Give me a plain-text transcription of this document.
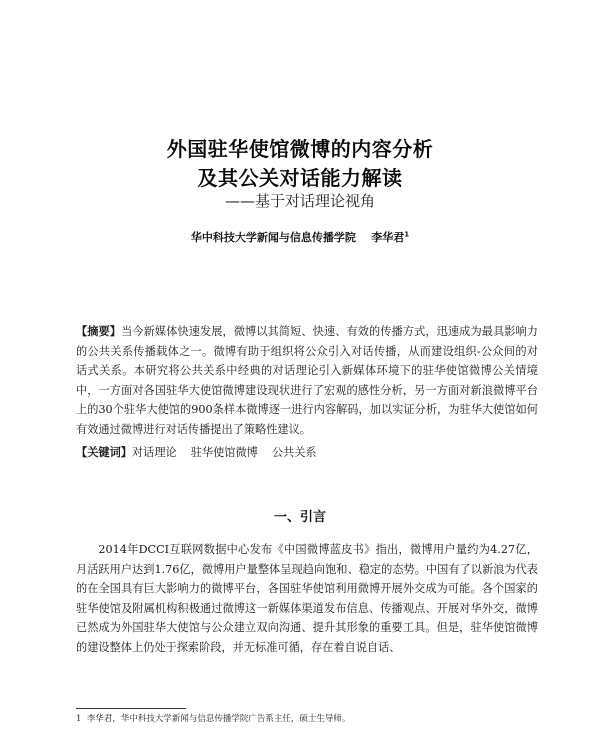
外国驻华使馆微博的内容分析
及其公关对话能力解读
——基于对话理论视角
华中科技大学新闻与信息传播学院 李华君$^1$
【摘要】当今新媒体快速发展，微博以其简短、快速、有效的传播方式，迅速成为最具影响力的公共关系传播载体之一。微博有助于组织将公众引入对话传播，从而建设组织-公众间的对话式关系。本研究将公共关系中经典的对话理论引入新媒体环境下的驻华使馆微博公关情境中，一方面对各国驻华大使馆微博建设现状进行了宏观的感性分析，另一方面对新浪微博平台上的30个驻华大使馆的900条样本微博逐一进行内容解码，加以实证分析，为驻华大使馆如何有效通过微博进行对话传播提出了策略性建议。
【关键词】对话理论 驻华使馆微博 公共关系
一、引言
2014年DCCI互联网数据中心发布《中国微博蓝皮书》指出，微博用户量约为4.27亿，月活跃用户达到1.76亿，微博用户量整体呈现趋向饱和、稳定的态势。中国有了以新浪为代表的在全国具有巨大影响力的微博平台，各国驻华使馆利用微博开展外交成为可能。各个国家的驻华使馆及附属机构积极通过微博这一新媒体渠道发布信息、传播观点、开展对华外交，微博已然成为外国驻华大使馆与公众建立双向沟通、提升其形象的重要工具。但是，驻华使馆微博的建设整体上仍处于探索阶段，并无标准可循，存在着自说自话、
1 李华君，华中科技大学新闻与信息传播学院广告系主任，硕士生导师。
